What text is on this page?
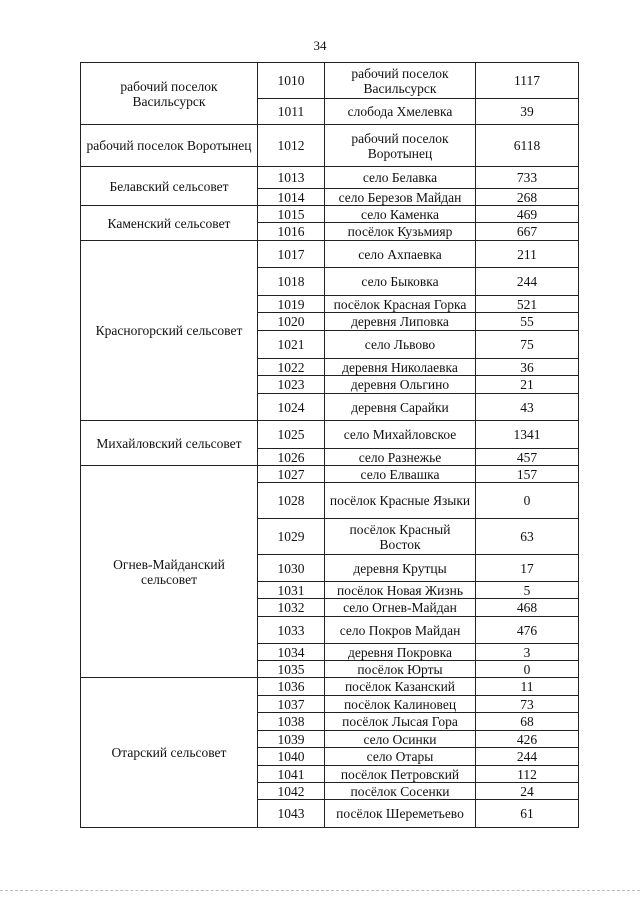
34
рабочий поселок Васильсурск	1010	рабочий поселок Васильсурск	1117
	1011	слобода Хмелевка	39
рабочий поселок Воротынец	1012	рабочий поселок Воротынец	6118
Белавский сельсовет	1013	село Белавка	733
	1014	село Березов Майдан	268
Каменский сельсовет	1015	село Каменка	469
	1016	посёлок Кузьмияр	667
Красногорский сельсовет	1017	село Ахпаевка	211
	1018	село Быковка	244
	1019	посёлок Красная Горка	521
	1020	деревня Липовка	55
	1021	село Львово	75
	1022	деревня Николаевка	36
	1023	деревня Ольгино	21
	1024	деревня Сарайки	43
Михайловский сельсовет	1025	село Михайловское	1341
	1026	село Разнежье	457
Огнев-Майданский сельсовет	1027	село Елвашка	157
	1028	посёлок Красные Языки	0
	1029	посёлок Красный Восток	63
	1030	деревня Крутцы	17
	1031	посёлок Новая Жизнь	5
	1032	село Огнев-Майдан	468
	1033	село Покров Майдан	476
	1034	деревня Покровка	3
	1035	посёлок Юрты	0
Отарский сельсовет	1036	посёлок Казанский	11
	1037	посёлок Калиновец	73
	1038	посёлок Лысая Гора	68
	1039	село Осинки	426
	1040	село Отары	244
	1041	посёлок Петровский	112
	1042	посёлок Сосенки	24
	1043	посёлок Шереметьево	61
